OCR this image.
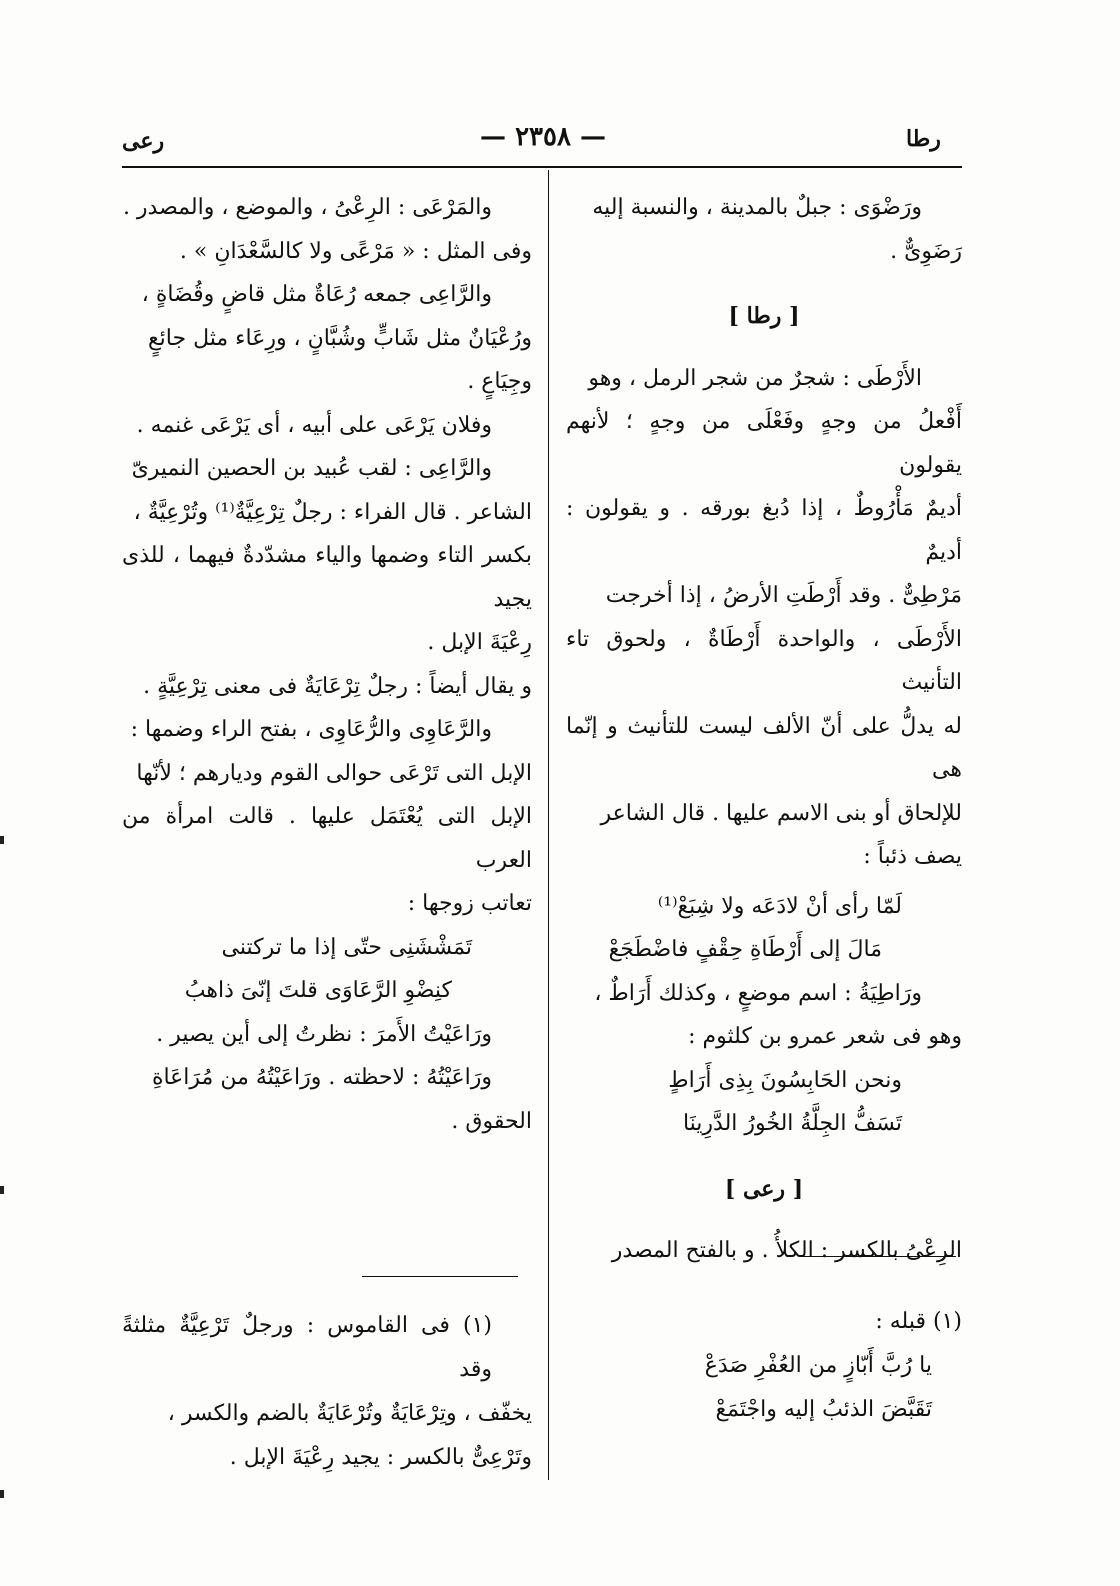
رعى	— ٢٣٥٨ —	رطا

ورَضْوَى : جبلٌ بالمدينة ، والنسبة إليه

رَضَوِىٌّ .

[ رطا ]

الأَرْطَى : شجرٌ من شجر الرمل ، وهو

أَفْعلُ من وجهٍ وفَعْلَى من وجهٍ ؛ لأنهم يقولون

أديمٌ مَأْرُوطٌ ، إذا دُبغ بورقه . و يقولون : أديمٌ

مَرْطِىٌّ . وقد أَرْطَتِ الأرضُ ، إذا أخرجت

الأَرْطَى ، والواحدة أَرْطَاةٌ ، ولحوق تاء التأنيث

له يدلُّ على أنّ الألف ليست للتأنيث و إنّما هى

للإلحاق أو بنى الاسم عليها . قال الشاعر

يصف ذئباً :

لَمّا رأى أنْ لادَعَه ولا شِبَعْ⁽¹⁾

مَالَ إلى أَرْطَاةِ حِقْفٍ فاضْطَجَعْ

ورَاطِيَةُ : اسم موضعٍ ، وكذلك أَرَاطٌ ،

وهو فى شعر عمرو بن كلثوم :

ونحن الحَابِسُونَ بِذِى أَرَاطٍ

تَسَفُّ الجِلَّةُ الخُورُ الدَّرِينَا

[ رعى ]

الرِعْىُ بالكسر : الكلأُ . و بالفتح المصدر

والمَرْعَى : الرِعْىُ ، والموضع ، والمصدر .

وفى المثل : « مَرْعًى ولا كالسَّعْدَانِ » .

والرَّاعِى جمعه رُعَاةٌ مثل قاضٍ وقُضَاةٍ ،

ورُعْيَانٌ مثل شَابٍّ وشُبَّانٍ ، ورِعَاء مثل جائعٍ

وجِيَاعٍ .

وفلان يَرْعَى على أبيه ، أى يَرْعَى غنمه .

والرَّاعِى : لقب عُبيد بن الحصين النميرىّ

الشاعر . قال الفراء : رجلٌ تِرْعِيَّةٌ⁽¹⁾ وتُرْعِيَّةٌ ،

بكسر التاء وضمها والياء مشدّدةٌ فيهما ، للذى يجيد

رِعْيَةَ الإبل .

و يقال أيضاً : رجلٌ تِرْعَايَةٌ فى معنى تِرْعِيَّةٍ .

والرَّعَاوِى والرُّعَاوِى ، بفتح الراء وضمها :

الإبل التى تَرْعَى حوالى القوم وديارهم ؛ لأنّها

الإبل التى يُعْتَمَل عليها . قالت امرأة من العرب

تعاتب زوجها :

تَمَشْشَنِى حتّى إذا ما تركتنى

كنِضْوِ الرَّعَاوَى قلتَ إنّىَ ذاهبُ

ورَاعَيْتُ الأَمرَ : نظرتُ إلى أين يصير .

ورَاعَيْتُهُ : لاحظته . ورَاعَيْتُهُ من مُرَاعَاةِ

الحقوق .

(١) قبله :

يا رُبَّ أَبّازٍ من العُفْرِ صَدَعْ

تَقَبَّضَ الذئبُ إليه واجْتَمَعْ

(١) فى القاموس : ورجلٌ تَرْعِيَّةٌ مثلثةً وقد

يخفّف ، وتِرْعَايَةٌ وتُرْعَايَةٌ بالضم والكسر ،

وتَرْعِىٌّ بالكسر : يجيد رِعْيَةَ الإبل .
